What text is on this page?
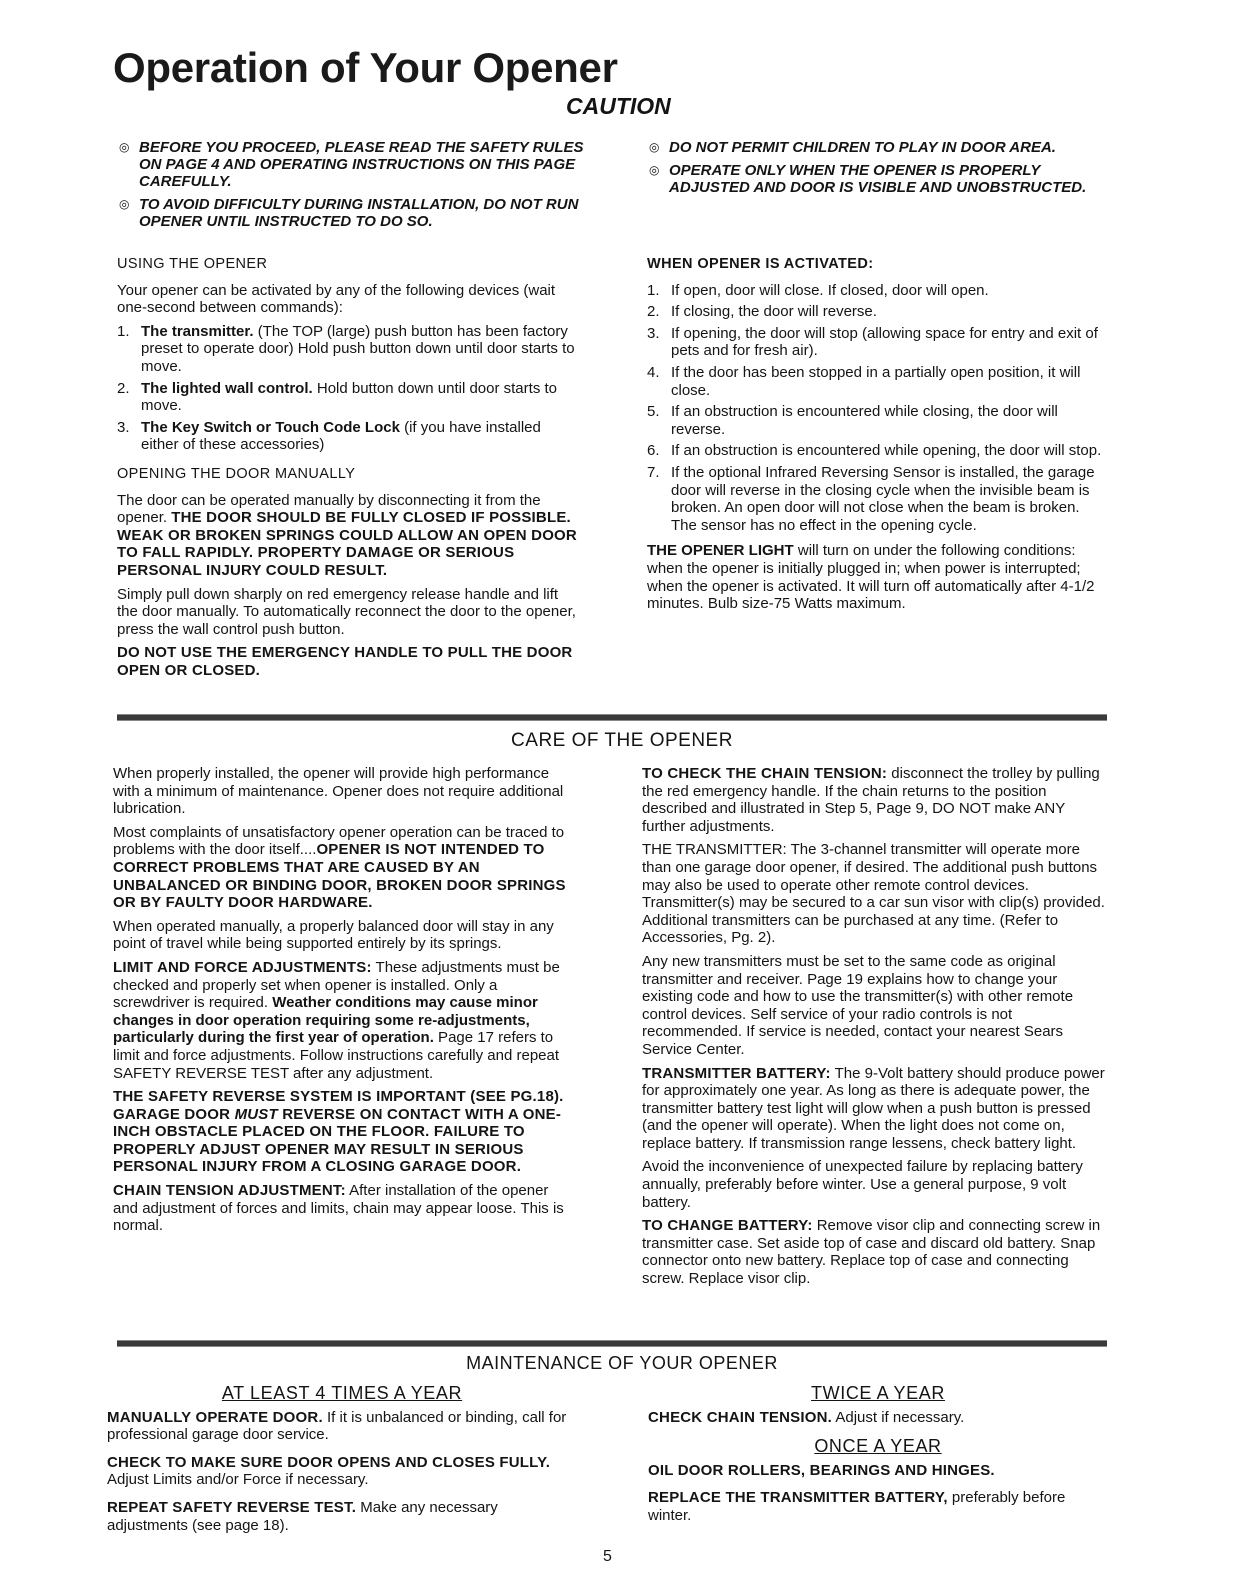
Operation of Your Opener
CAUTION
◎ BEFORE YOU PROCEED, PLEASE READ THE SAFETY RULES ON PAGE 4 AND OPERATING INSTRUCTIONS ON THIS PAGE CAREFULLY.
◎ TO AVOID DIFFICULTY DURING INSTALLATION, DO NOT RUN OPENER UNTIL INSTRUCTED TO DO SO.
◎ DO NOT PERMIT CHILDREN TO PLAY IN DOOR AREA.
◎ OPERATE ONLY WHEN THE OPENER IS PROPERLY ADJUSTED AND DOOR IS VISIBLE AND UNOBSTRUCTED.
USING THE OPENER

Your opener can be activated by any of the following devices (wait one-second between commands):

1. The transmitter. (The TOP (large) push button has been factory preset to operate door) Hold push button down until door starts to move.
2. The lighted wall control. Hold button down until door starts to move.
3. The Key Switch or Touch Code Lock (if you have installed either of these accessories)
OPENING THE DOOR MANUALLY

The door can be operated manually by disconnecting it from the opener. THE DOOR SHOULD BE FULLY CLOSED IF POSSIBLE. WEAK OR BROKEN SPRINGS COULD ALLOW AN OPEN DOOR TO FALL RAPIDLY. PROPERTY DAMAGE OR SERIOUS PERSONAL INJURY COULD RESULT.

Simply pull down sharply on red emergency release handle and lift the door manually. To automatically reconnect the door to the opener, press the wall control push button.

DO NOT USE THE EMERGENCY HANDLE TO PULL THE DOOR OPEN OR CLOSED.

WHEN OPENER IS ACTIVATED:
1. If open, door will close. If closed, door will open.
2. If closing, the door will reverse.
3. If opening, the door will stop (allowing space for entry and exit of pets and for fresh air).
4. If the door has been stopped in a partially open position, it will close.
5. If an obstruction is encountered while closing, the door will reverse.
6. If an obstruction is encountered while opening, the door will stop.
7. If the optional Infrared Reversing Sensor is installed, the garage door will reverse in the closing cycle when the invisible beam is broken. An open door will not close when the beam is broken. The sensor has no effect in the opening cycle.

THE OPENER LIGHT will turn on under the following conditions: when the opener is initially plugged in; when power is interrupted; when the opener is activated. It will turn off automatically after 4-1/2 minutes. Bulb size-75 Watts maximum.

CARE OF THE OPENER

When properly installed, the opener will provide high performance with a minimum of maintenance. Opener does not require additional lubrication.

Most complaints of unsatisfactory opener operation can be traced to problems with the door itself....OPENER IS NOT INTENDED TO CORRECT PROBLEMS THAT ARE CAUSED BY AN UNBALANCED OR BINDING DOOR, BROKEN DOOR SPRINGS OR BY FAULTY DOOR HARDWARE.

When operated manually, a properly balanced door will stay in any point of travel while being supported entirely by its springs.

LIMIT AND FORCE ADJUSTMENTS: These adjustments must be checked and properly set when opener is installed. Only a screwdriver is required. Weather conditions may cause minor changes in door operation requiring some re-adjustments, particularly during the first year of operation. Page 17 refers to limit and force adjustments. Follow instructions carefully and repeat SAFETY REVERSE TEST after any adjustment.

THE SAFETY REVERSE SYSTEM IS IMPORTANT (SEE PG.18). GARAGE DOOR MUST REVERSE ON CONTACT WITH A ONE-INCH OBSTACLE PLACED ON THE FLOOR. FAILURE TO PROPERLY ADJUST OPENER MAY RESULT IN SERIOUS PERSONAL INJURY FROM A CLOSING GARAGE DOOR.

CHAIN TENSION ADJUSTMENT: After installation of the opener and adjustment of forces and limits, chain may appear loose. This is normal.

TO CHECK THE CHAIN TENSION: disconnect the trolley by pulling the red emergency handle. If the chain returns to the position described and illustrated in Step 5, Page 9, DO NOT make ANY further adjustments.

THE TRANSMITTER: The 3-channel transmitter will operate more than one garage door opener, if desired. The additional push buttons may also be used to operate other remote control devices. Transmitter(s) may be secured to a car sun visor with clip(s) provided. Additional transmitters can be purchased at any time. (Refer to Accessories, Pg. 2).

Any new transmitters must be set to the same code as original transmitter and receiver. Page 19 explains how to change your existing code and how to use the transmitter(s) with other remote control devices. Self service of your radio controls is not recommended. If service is needed, contact your nearest Sears Service Center.

TRANSMITTER BATTERY: The 9-Volt battery should produce power for approximately one year. As long as there is adequate power, the transmitter battery test light will glow when a push button is pressed (and the opener will operate). When the light does not come on, replace battery. If transmission range lessens, check battery light.

Avoid the inconvenience of unexpected failure by replacing battery annually, preferably before winter. Use a general purpose, 9 volt battery.

TO CHANGE BATTERY: Remove visor clip and connecting screw in transmitter case. Set aside top of case and discard old battery. Snap connector onto new battery. Replace top of case and connecting screw. Replace visor clip.

MAINTENANCE OF YOUR OPENER
AT LEAST 4 TIMES A YEAR

MANUALLY OPERATE DOOR. If it is unbalanced or binding, call for professional garage door service.

CHECK TO MAKE SURE DOOR OPENS AND CLOSES FULLY. Adjust Limits and/or Force if necessary.

REPEAT SAFETY REVERSE TEST. Make any necessary adjustments (see page 18).

TWICE A YEAR

CHECK CHAIN TENSION. Adjust if necessary.

ONCE A YEAR

OIL DOOR ROLLERS, BEARINGS AND HINGES.

REPLACE THE TRANSMITTER BATTERY, preferably before winter.

5
